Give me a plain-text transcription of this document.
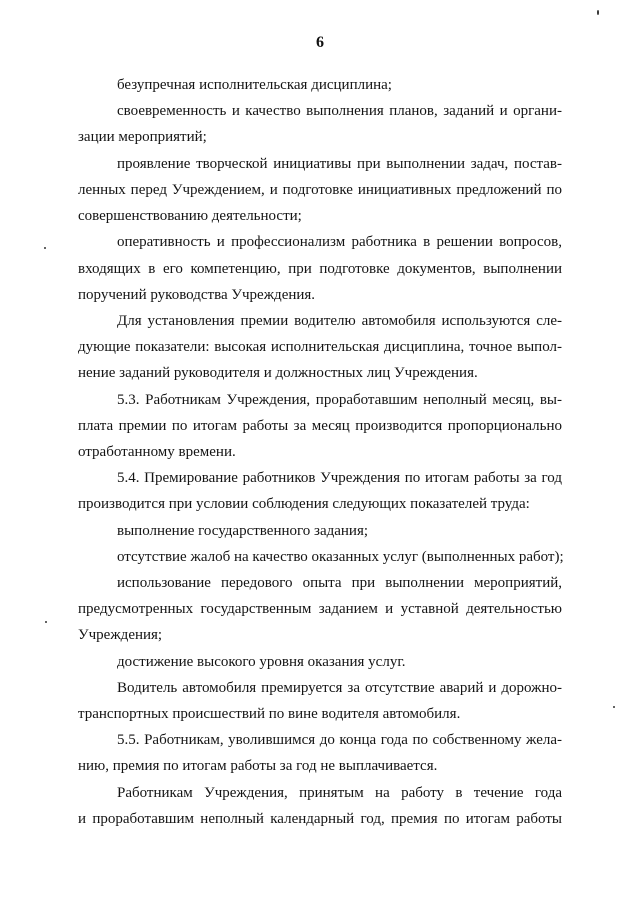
6
безупречная исполнительская дисциплина;
своевременность и качество выполнения планов, заданий и органи-
зации мероприятий;
проявление творческой инициативы при выполнении задач, постав-
ленных перед Учреждением, и подготовке инициативных предложений по
совершенствованию деятельности;
оперативность и профессионализм работника в решении вопросов,
входящих в его компетенцию, при подготовке документов, выполнении
поручений руководства Учреждения.
Для установления премии водителю автомобиля используются сле-
дующие показатели: высокая исполнительская дисциплина, точное выпол-
нение заданий руководителя и должностных лиц Учреждения.
5.3. Работникам Учреждения, проработавшим неполный месяц, вы-
плата премии по итогам работы за месяц производится пропорционально
отработанному времени.
5.4. Премирование работников Учреждения по итогам работы за год
производится при условии соблюдения следующих показателей труда:
выполнение государственного задания;
отсутствие жалоб на качество оказанных услуг (выполненных работ);
использование передового опыта при выполнении мероприятий,
предусмотренных государственным заданием и уставной деятельностью
Учреждения;
достижение высокого уровня оказания услуг.
Водитель автомобиля премируется за отсутствие аварий и дорожно-
транспортных происшествий по вине водителя автомобиля.
5.5. Работникам, уволившимся до конца года по собственному жела-
нию, премия по итогам работы за год не выплачивается.
Работникам Учреждения, принятым на работу в течение года
и проработавшим неполный календарный год, премия по итогам работы
